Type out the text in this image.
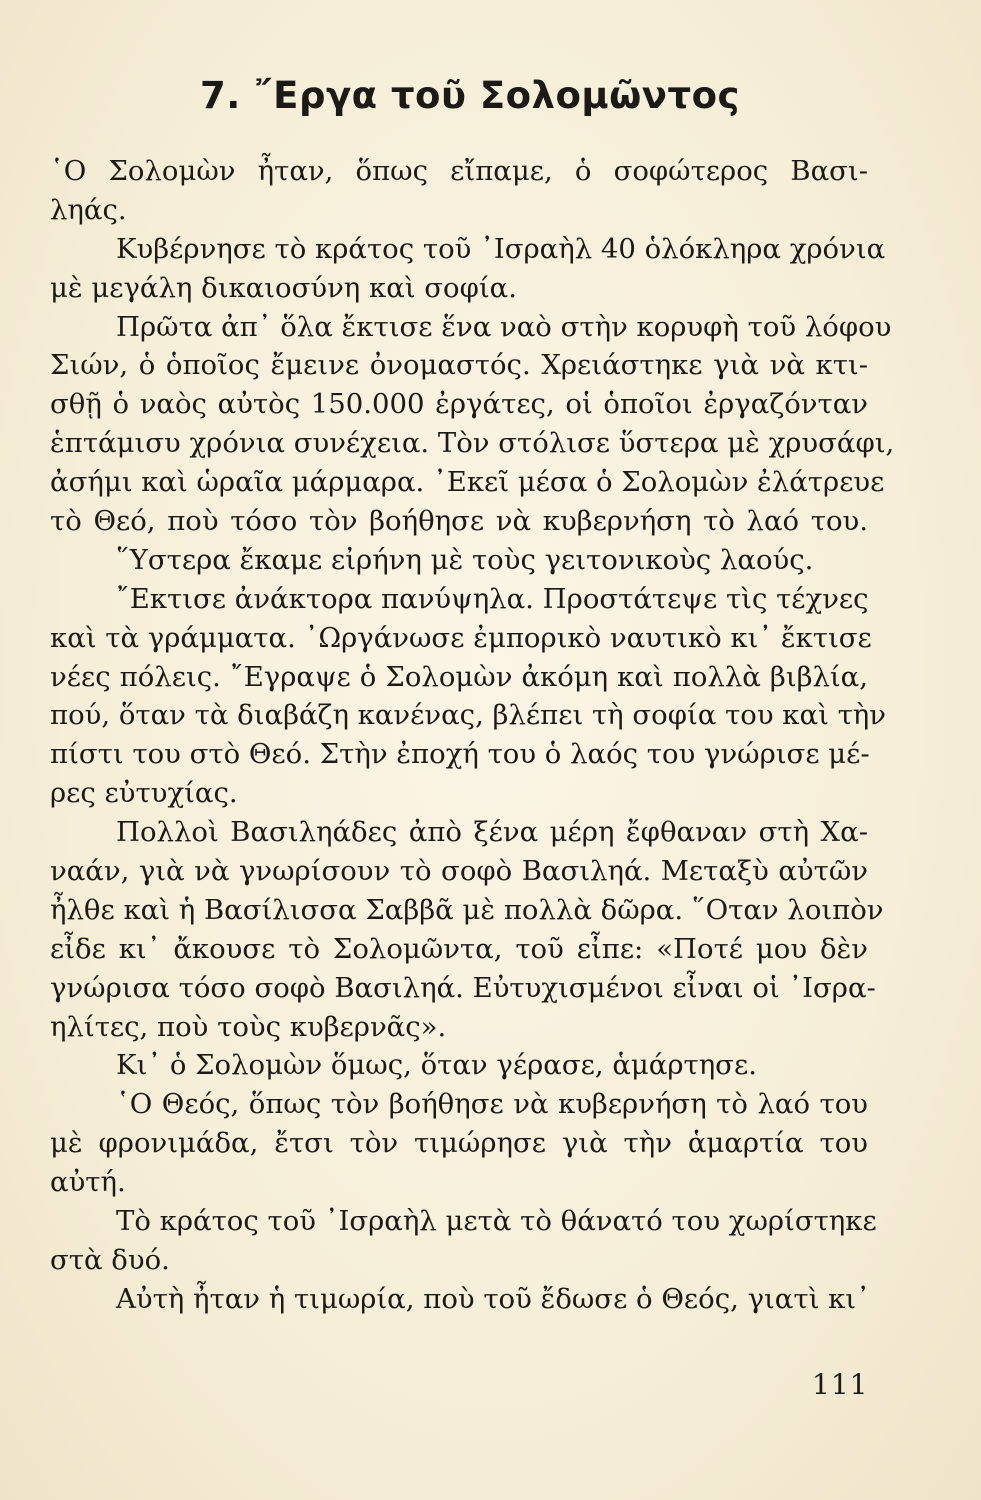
7. ῎Εργα τοῦ Σολομῶντος
῾Ο Σολομὼν ἦταν, ὅπως εἴπαμε, ὁ σοφώτερος Βασι-
ληάς.
Κυβέρνησε τὸ κράτος τοῦ ᾿Ισραὴλ 40 ὁλόκληρα χρόνια
μὲ μεγάλη δικαιοσύνη καὶ σοφία.
Πρῶτα ἀπ᾿ ὅλα ἔκτισε ἕνα ναὸ στὴν κορυφὴ τοῦ λόφου
Σιών, ὁ ὁποῖος ἔμεινε ὀνομαστός. Χρειάστηκε γιὰ νὰ κτι-
σθῇ ὁ ναὸς αὐτὸς 150.000 ἐργάτες, οἱ ὁποῖοι ἐργαζόνταν
ἑπτάμισυ χρόνια συνέχεια. Τὸν στόλισε ὕστερα μὲ χρυσάφι,
ἀσήμι καὶ ὡραῖα μάρμαρα. ᾿Εκεῖ μέσα ὁ Σολομὼν ἐλάτρευε
τὸ Θεό, ποὺ τόσο τὸν βοήθησε νὰ κυβερνήση τὸ λαό του.
῞Υστερα ἔκαμε εἰρήνη μὲ τοὺς γειτονικοὺς λαούς.
῎Εκτισε ἀνάκτορα πανύψηλα. Προστάτεψε τὶς τέχνες
καὶ τὰ γράμματα. ᾿Ωργάνωσε ἐμπορικὸ ναυτικὸ κι᾿ ἔκτισε
νέες πόλεις. ῎Εγραψε ὁ Σολομὼν ἀκόμη καὶ πολλὰ βιβλία,
πού, ὅταν τὰ διαβάζη κανένας, βλέπει τὴ σοφία του καὶ τὴν
πίστι του στὸ Θεό. Στὴν ἐποχή του ὁ λαός του γνώρισε μέ-
ρες εὐτυχίας.
Πολλοὶ Βασιληάδες ἀπὸ ξένα μέρη ἔφθαναν στὴ Χα-
ναάν, γιὰ νὰ γνωρίσουν τὸ σοφὸ Βασιληά. Μεταξὺ αὐτῶν
ἦλθε καὶ ἡ Βασίλισσα Σαββᾶ μὲ πολλὰ δῶρα. ῞Οταν λοιπὸν
εἶδε κι᾿ ἄκουσε τὸ Σολομῶντα, τοῦ εἶπε: «Ποτέ μου δὲν
γνώρισα τόσο σοφὸ Βασιληά. Εὐτυχισμένοι εἶναι οἱ ᾿Ισρα-
ηλίτες, ποὺ τοὺς κυβερνᾶς».
Κι᾿ ὁ Σολομὼν ὅμως, ὅταν γέρασε, ἁμάρτησε.
῾Ο Θεός, ὅπως τὸν βοήθησε νὰ κυβερνήση τὸ λαό του
μὲ φρονιμάδα, ἔτσι τὸν τιμώρησε γιὰ τὴν ἁμαρτία του
αὐτή.
Τὸ κράτος τοῦ ᾿Ισραὴλ μετὰ τὸ θάνατό του χωρίστηκε
στὰ δυό.
Αὐτὴ ἦταν ἡ τιμωρία, ποὺ τοῦ ἔδωσε ὁ Θεός, γιατὶ κι᾿
111
